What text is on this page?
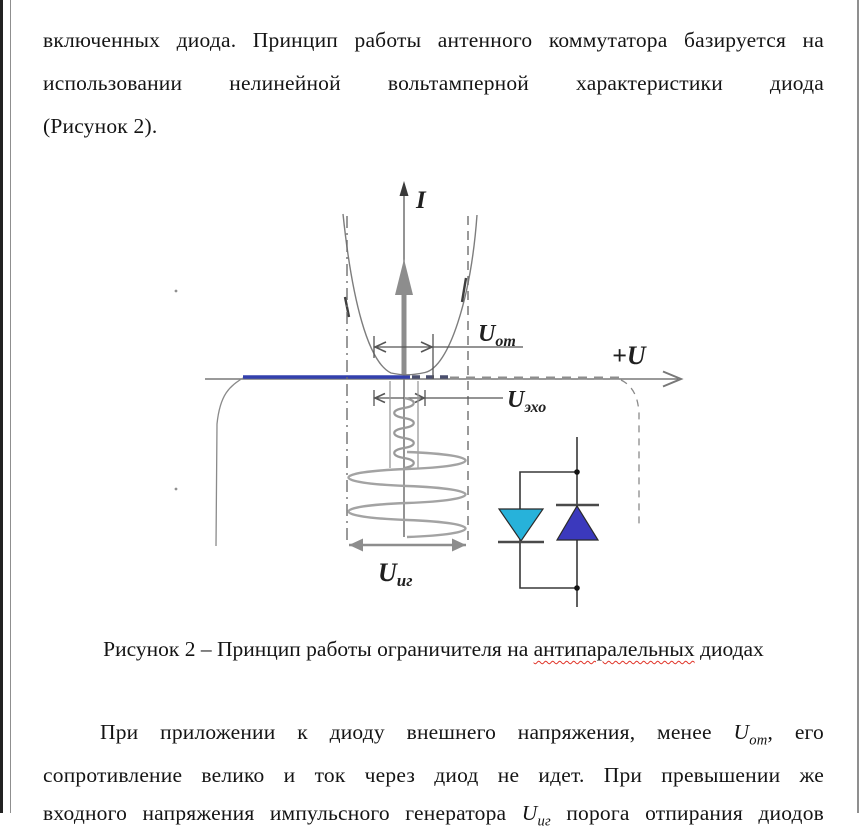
включенных диода. Принцип работы антенного коммутатора базируется на
использовании нелинейной вольтамперной характеристики диода
(Рисунок 2).
I
+U
$U_{от}$
$U_{эхо}$
Uиг
Рисунок 2 – Принцип работы ограничителя на антипаралельных диодах
При приложении к диоду внешнего напряжения, менее $U_{от}$, его
сопротивление велико и ток через диод не идет. При превышении же
входного напряжения импульсного генератора $U_{иг}$ порога отпирания диодов
